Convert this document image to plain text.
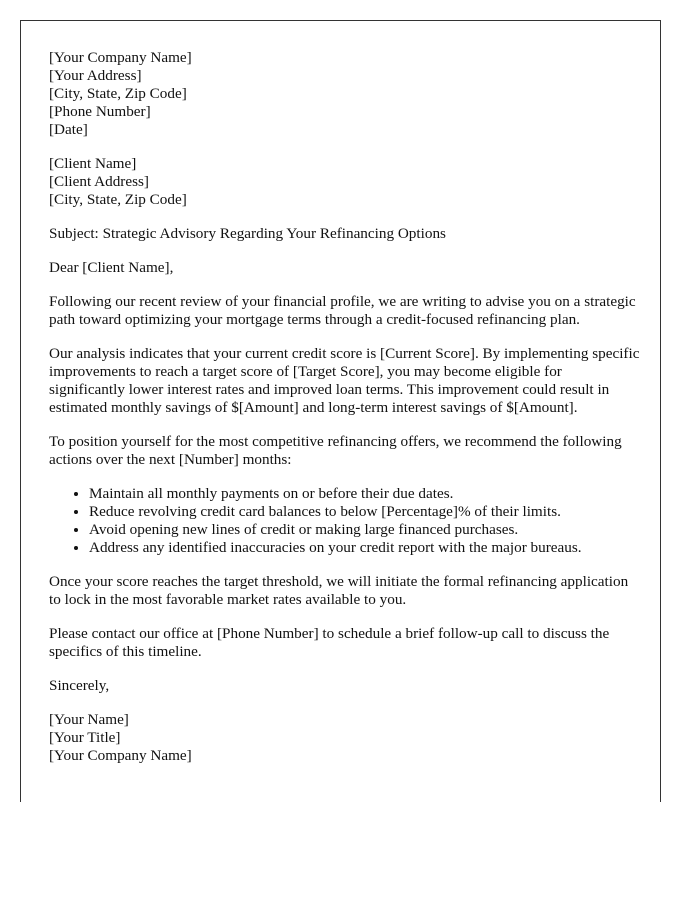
[Your Company Name]
[Your Address]
[City, State, Zip Code]
[Phone Number]
[Date]
[Client Name]
[Client Address]
[City, State, Zip Code]

Subject: Strategic Advisory Regarding Your Refinancing Options

Dear [Client Name],

Following our recent review of your financial profile, we are writing to advise you on a strategic path toward optimizing your mortgage terms through a credit-focused refinancing plan.

Our analysis indicates that your current credit score is [Current Score]. By implementing specific improvements to reach a target score of [Target Score], you may become eligible for significantly lower interest rates and improved loan terms. This improvement could result in estimated monthly savings of $[Amount] and long-term interest savings of $[Amount].

To position yourself for the most competitive refinancing offers, we recommend the following actions over the next [Number] months:

• Maintain all monthly payments on or before their due dates.
• Reduce revolving credit card balances to below [Percentage]% of their limits.
• Avoid opening new lines of credit or making large financed purchases.
• Address any identified inaccuracies on your credit report with the major bureaus.

Once your score reaches the target threshold, we will initiate the formal refinancing application to lock in the most favorable market rates available to you.

Please contact our office at [Phone Number] to schedule a brief follow-up call to discuss the specifics of this timeline.

Sincerely,

[Your Name]
[Your Title]
[Your Company Name]
